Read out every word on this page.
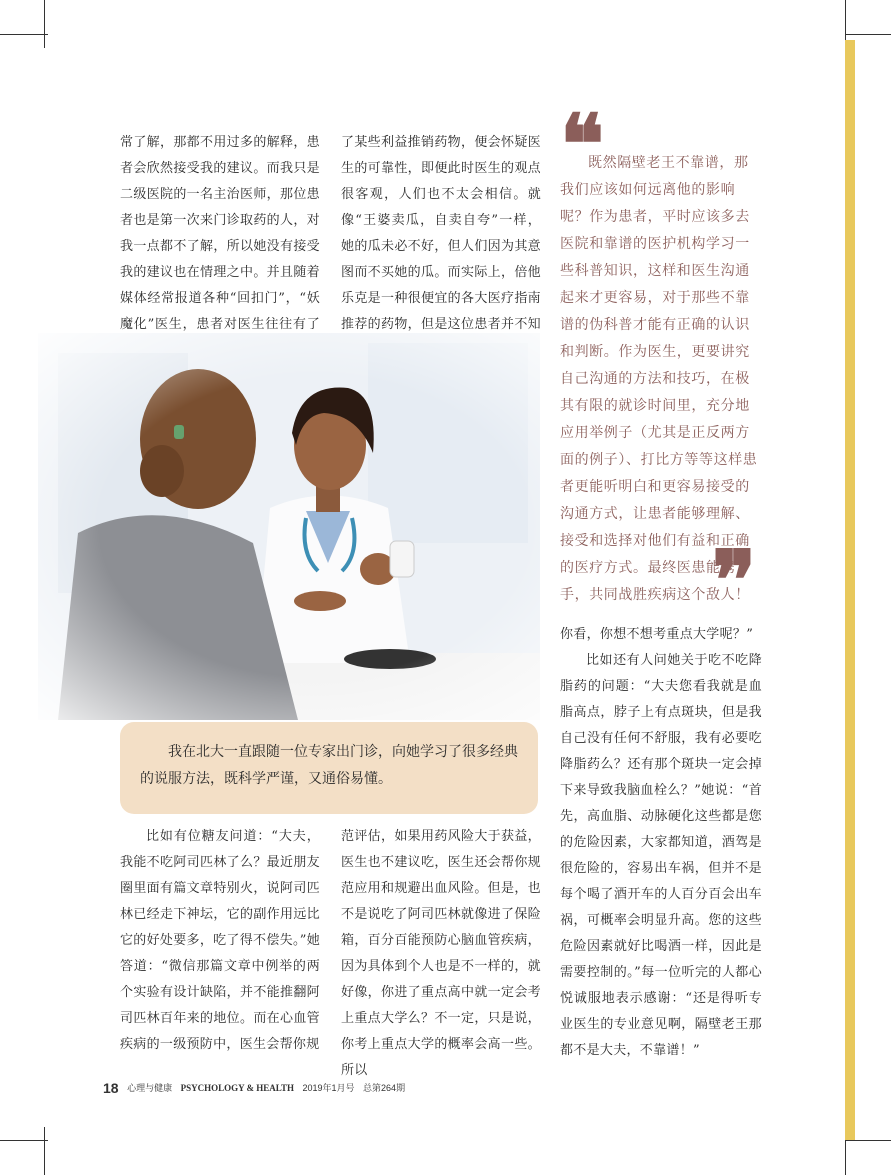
常了解，那都不用过多的解释，患者会欣然接受我的建议。而我只是二级医院的一名主治医师，那位患者也是第一次来门诊取药的人，对我一点都不了解，所以她没有接受我的建议也在情理之中。并且随着媒体经常报道各种“回扣门”，“妖魔化”医生，患者对医生往往有了

了某些利益推销药物，便会怀疑医生的可靠性，即便此时医生的观点很客观，人们也不太会相信。就像“王婆卖瓜，自卖自夸”一样，她的瓜未必不好，但人们因为其意图而不买她的瓜。而实际上，倍他乐克是一种很便宜的各大医疗指南推荐的药物，但是这位患者并不知

❝

既然隔壁老王不靠谱，那我们应该如何远离他的影响呢？作为患者，平时应该多去医院和靠谱的医护机构学习一些科普知识，这样和医生沟通起来才更容易，对于那些不靠谱的伪科普才能有正确的认识和判断。作为医生，更要讲究自己沟通的方法和技巧，在极其有限的就诊时间里，充分地应用举例子（尤其是正反两方面的例子）、打比方等等这样患者更能听明白和更容易接受的沟通方式，让患者能够理解、接受和选择对他们有益和正确的医疗方式。最终医患能携手，共同战胜疾病这个敌人！

❞

我在北大一直跟随一位专家出门诊，向她学习了很多经典的说服方法，既科学严谨，又通俗易懂。

比如有位糖友问道：“大夫，我能不吃阿司匹林了么？最近朋友圈里面有篇文章特别火，说阿司匹林已经走下神坛，它的副作用远比它的好处要多，吃了得不偿失。”她答道：“微信那篇文章中例举的两个实验有设计缺陷，并不能推翻阿司匹林百年来的地位。而在心血管疾病的一级预防中，医生会帮你规

范评估，如果用药风险大于获益，医生也不建议吃，医生还会帮你规范应用和规避出血风险。但是，也不是说吃了阿司匹林就像进了保险箱，百分百能预防心脑血管疾病，因为具体到个人也是不一样的，就好像，你进了重点高中就一定会考上重点大学么？不一定，只是说，你考上重点大学的概率会高一些。所以

你看，你想不想考重点大学呢？”

比如还有人问她关于吃不吃降脂药的问题：“大夫您看我就是血脂高点，脖子上有点斑块，但是我自己没有任何不舒服，我有必要吃降脂药么？还有那个斑块一定会掉下来导致我脑血栓么？”她说：“首先，高血脂、动脉硬化这些都是您的危险因素，大家都知道，酒驾是很危险的，容易出车祸，但并不是每个喝了酒开车的人百分百会出车祸，可概率会明显升高。您的这些危险因素就好比喝酒一样，因此是需要控制的。”每一位听完的人都心悦诚服地表示感谢：“还是得听专业医生的专业意见啊，隔壁老王那都不是大夫，不靠谱！”

18 心理与健康 PSYCHOLOGY & HEALTH 2019年1月号 总第264期
